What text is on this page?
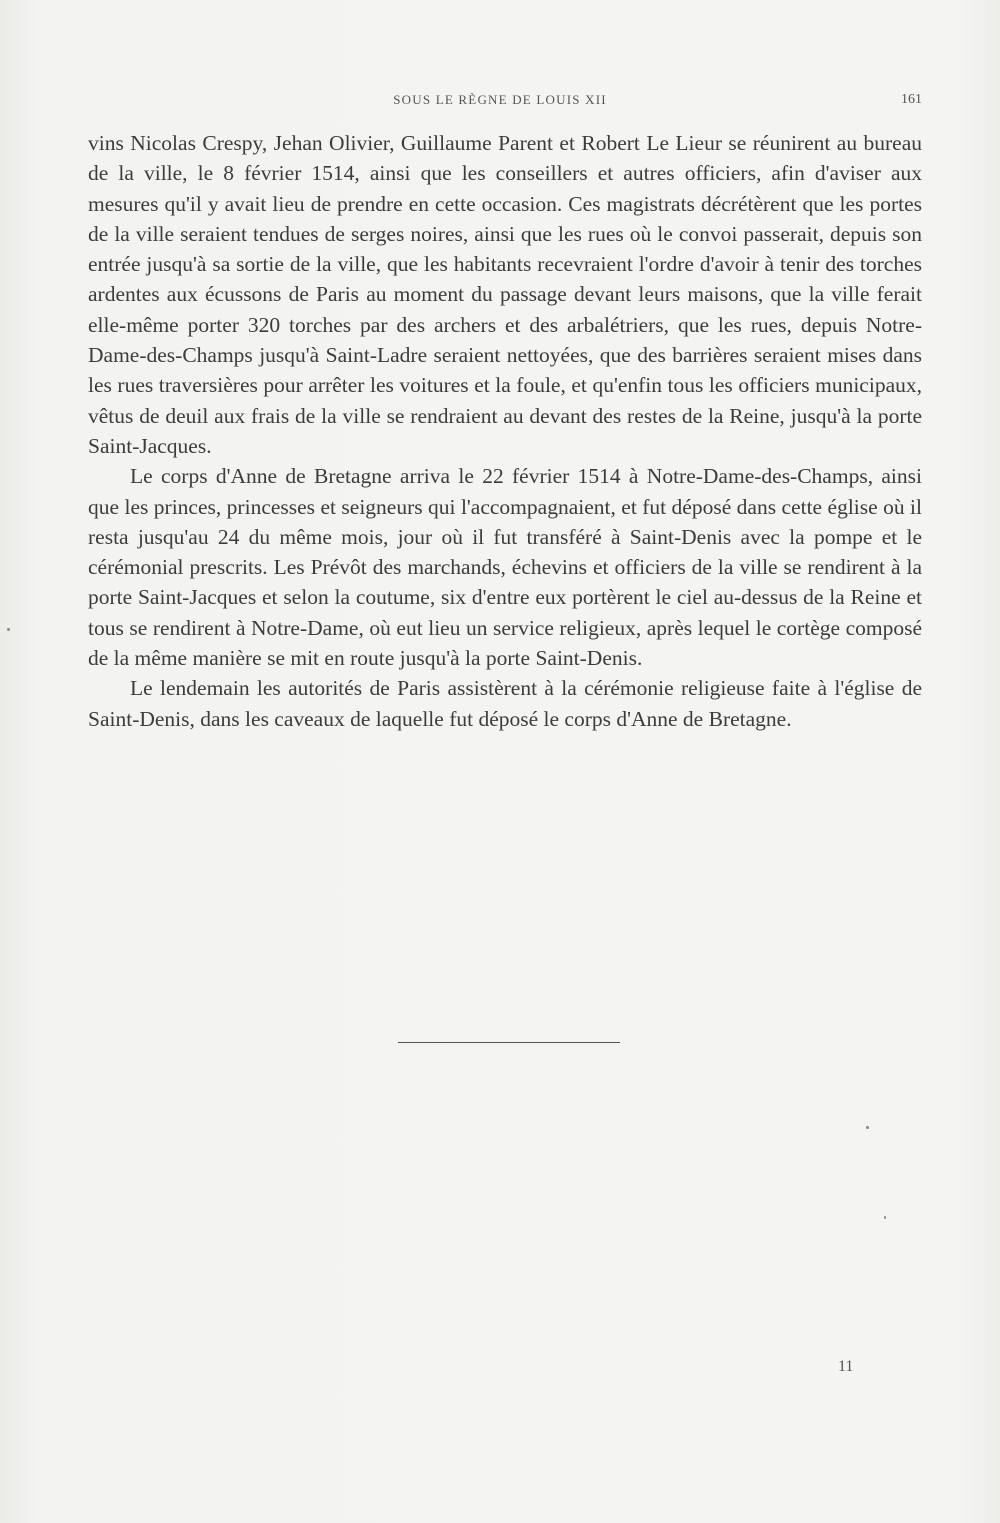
SOUS LE RÈGNE DE LOUIS XII	161

vins Nicolas Crespy, Jehan Olivier, Guillaume Parent et Robert Le Lieur se réunirent au bureau de la ville, le 8 février 1514, ainsi que les conseillers et autres officiers, afin d'aviser aux mesures qu'il y avait lieu de prendre en cette occasion. Ces magistrats décrétèrent que les portes de la ville seraient tendues de serges noires, ainsi que les rues où le convoi passerait, depuis son entrée jusqu'à sa sortie de la ville, que les habitants recevraient l'ordre d'avoir à tenir des torches ardentes aux écussons de Paris au moment du passage devant leurs maisons, que la ville ferait elle-même porter 320 torches par des archers et des arbalétriers, que les rues, depuis Notre-Dame-des-Champs jusqu'à Saint-Ladre seraient nettoyées, que des barrières seraient mises dans les rues traversières pour arrêter les voitures et la foule, et qu'enfin tous les officiers municipaux, vêtus de deuil aux frais de la ville se rendraient au devant des restes de la Reine, jusqu'à la porte Saint-Jacques.

Le corps d'Anne de Bretagne arriva le 22 février 1514 à Notre-Dame-des-Champs, ainsi que les princes, princesses et seigneurs qui l'accompagnaient, et fut déposé dans cette église où il resta jusqu'au 24 du même mois, jour où il fut transféré à Saint-Denis avec la pompe et le cérémonial prescrits. Les Prévôt des marchands, échevins et officiers de la ville se rendirent à la porte Saint-Jacques et selon la coutume, six d'entre eux portèrent le ciel au-dessus de la Reine et tous se rendirent à Notre-Dame, où eut lieu un service religieux, après lequel le cortège composé de la même manière se mit en route jusqu'à la porte Saint-Denis.

Le lendemain les autorités de Paris assistèrent à la cérémonie religieuse faite à l'église de Saint-Denis, dans les caveaux de laquelle fut déposé le corps d'Anne de Bretagne.

11
